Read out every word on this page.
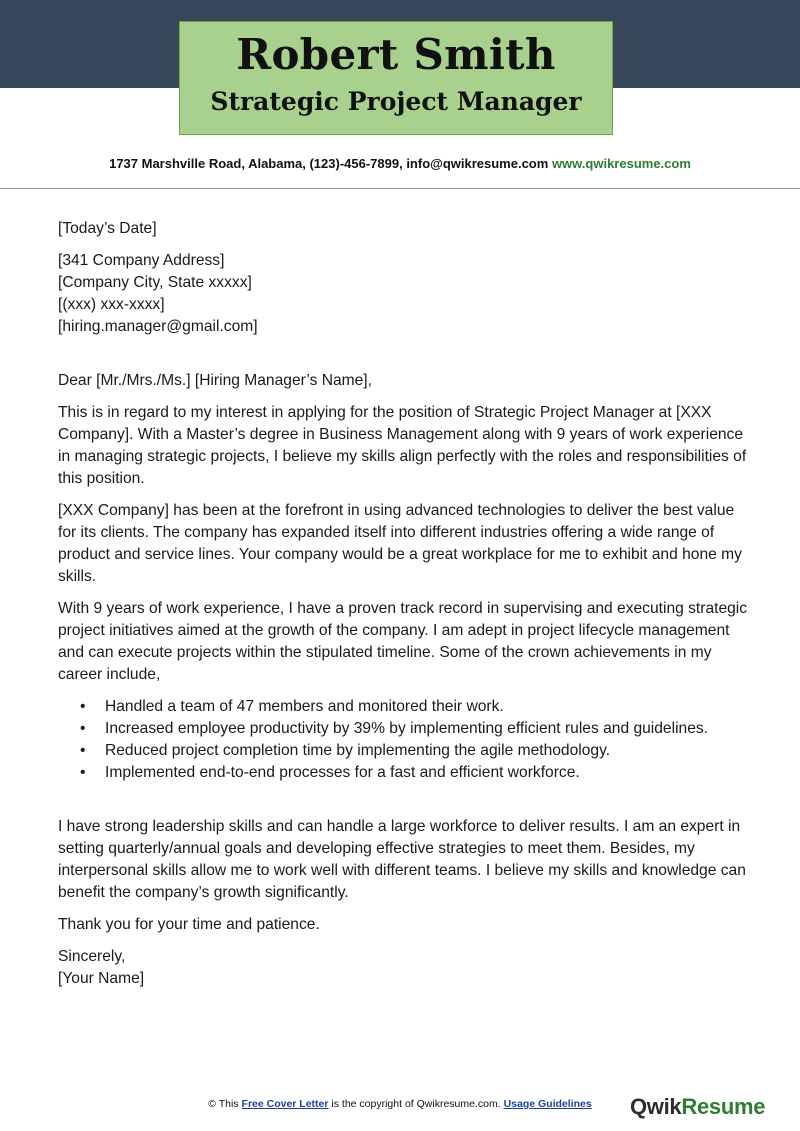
Robert Smith
Strategic Project Manager
1737 Marshville Road, Alabama, (123)-456-7899, info@qwikresume.com www.qwikresume.com

[Today’s Date]

[341 Company Address]

[Company City, State xxxxx]

[(xxx) xxx-xxxx]

[hiring.manager@gmail.com]

Dear [Mr./Mrs./Ms.] [Hiring Manager’s Name],

This is in regard to my interest in applying for the position of Strategic Project Manager at [XXX Company]. With a Master’s degree in Business Management along with 9 years of work experience in managing strategic projects, I believe my skills align perfectly with the roles and responsibilities of this position.

[XXX Company] has been at the forefront in using advanced technologies to deliver the best value for its clients. The company has expanded itself into different industries offering a wide range of product and service lines. Your company would be a great workplace for me to exhibit and hone my skills.

With 9 years of work experience, I have a proven track record in supervising and executing strategic project initiatives aimed at the growth of the company. I am adept in project lifecycle management and can execute projects within the stipulated timeline. Some of the crown achievements in my career include,

• Handled a team of 47 members and monitored their work.
• Increased employee productivity by 39% by implementing efficient rules and guidelines.
• Reduced project completion time by implementing the agile methodology.
• Implemented end-to-end processes for a fast and efficient workforce.

I have strong leadership skills and can handle a large workforce to deliver results. I am an expert in setting quarterly/annual goals and developing effective strategies to meet them. Besides, my interpersonal skills allow me to work well with different teams. I believe my skills and knowledge can benefit the company’s growth significantly.

Thank you for your time and patience.

Sincerely,

[Your Name]

© This Free Cover Letter is the copyright of Qwikresume.com. Usage Guidelines	QwikResume
